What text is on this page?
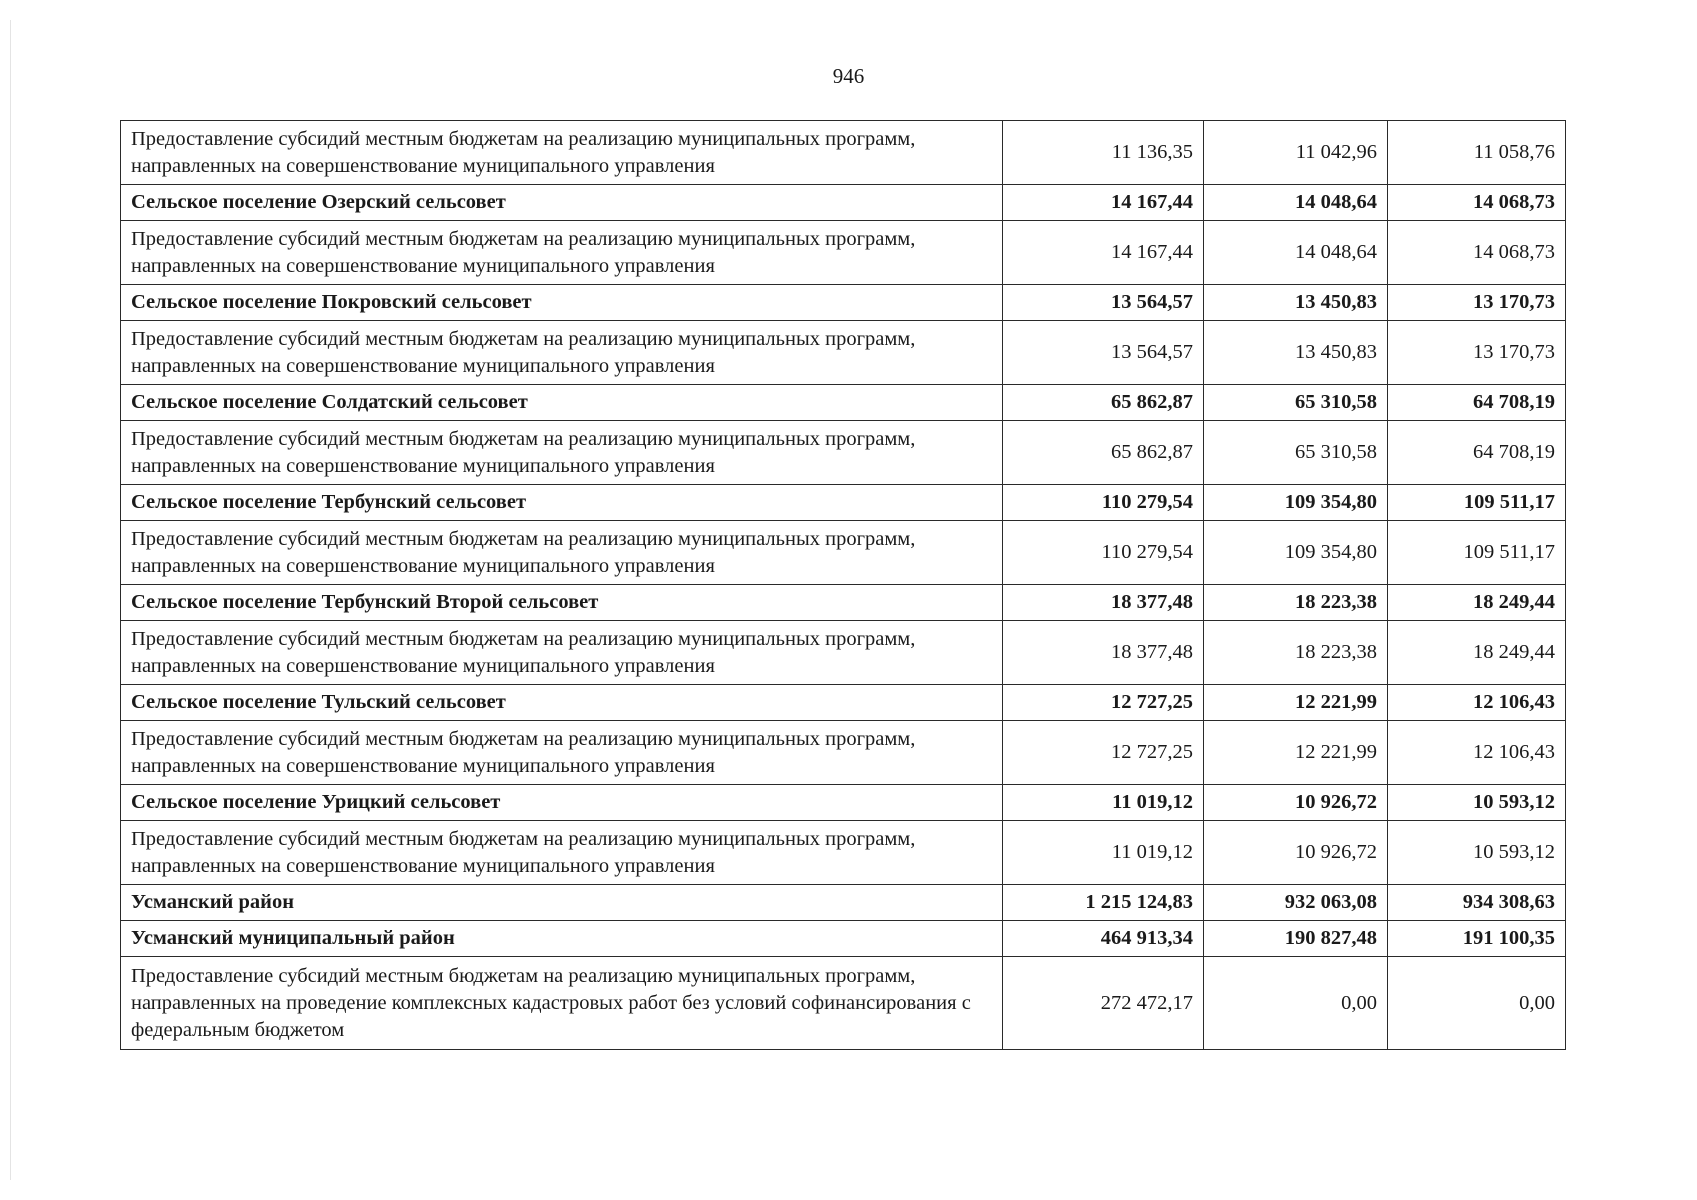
946
Предоставление субсидий местным бюджетам на реализацию муниципальных программ, направленных на совершенствование муниципального управления	11 136,35	11 042,96	11 058,76
Сельское поселение Озерский сельсовет	14 167,44	14 048,64	14 068,73
Предоставление субсидий местным бюджетам на реализацию муниципальных программ, направленных на совершенствование муниципального управления	14 167,44	14 048,64	14 068,73
Сельское поселение Покровский сельсовет	13 564,57	13 450,83	13 170,73
Предоставление субсидий местным бюджетам на реализацию муниципальных программ, направленных на совершенствование муниципального управления	13 564,57	13 450,83	13 170,73
Сельское поселение Солдатский сельсовет	65 862,87	65 310,58	64 708,19
Предоставление субсидий местным бюджетам на реализацию муниципальных программ, направленных на совершенствование муниципального управления	65 862,87	65 310,58	64 708,19
Сельское поселение Тербунский сельсовет	110 279,54	109 354,80	109 511,17
Предоставление субсидий местным бюджетам на реализацию муниципальных программ, направленных на совершенствование муниципального управления	110 279,54	109 354,80	109 511,17
Сельское поселение Тербунский Второй сельсовет	18 377,48	18 223,38	18 249,44
Предоставление субсидий местным бюджетам на реализацию муниципальных программ, направленных на совершенствование муниципального управления	18 377,48	18 223,38	18 249,44
Сельское поселение Тульский сельсовет	12 727,25	12 221,99	12 106,43
Предоставление субсидий местным бюджетам на реализацию муниципальных программ, направленных на совершенствование муниципального управления	12 727,25	12 221,99	12 106,43
Сельское поселение Урицкий сельсовет	11 019,12	10 926,72	10 593,12
Предоставление субсидий местным бюджетам на реализацию муниципальных программ, направленных на совершенствование муниципального управления	11 019,12	10 926,72	10 593,12
Усманский район	1 215 124,83	932 063,08	934 308,63
Усманский муниципальный район	464 913,34	190 827,48	191 100,35
Предоставление субсидий местным бюджетам на реализацию муниципальных программ, направленных на проведение комплексных кадастровых работ без условий софинансирования с федеральным бюджетом	272 472,17	0,00	0,00
